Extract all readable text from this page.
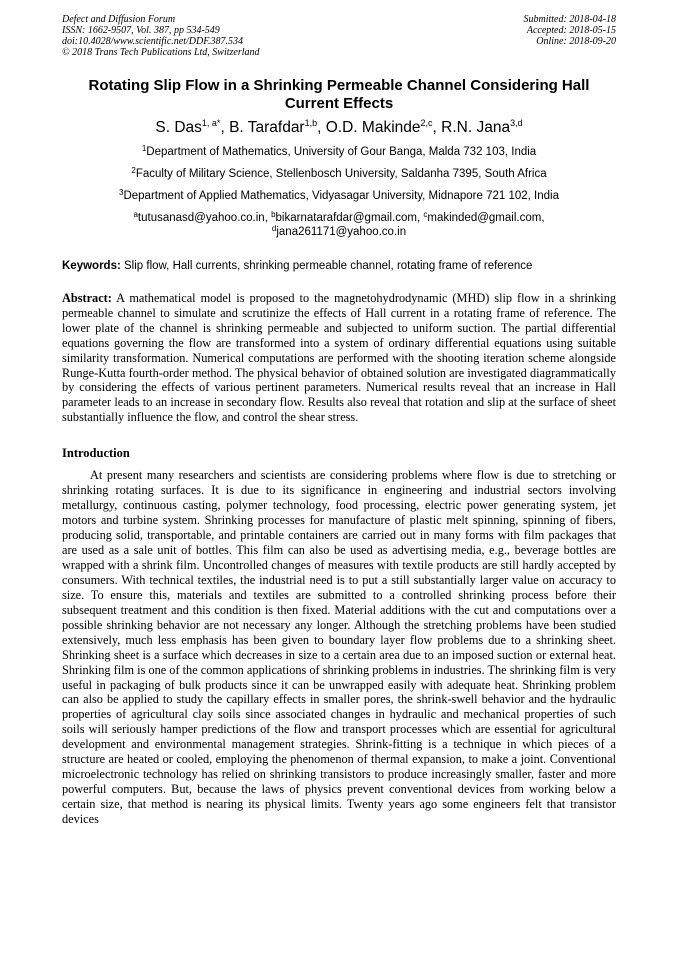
Defect and Diffusion Forum
ISSN: 1662-9507, Vol. 387, pp 534-549
doi:10.4028/www.scientific.net/DDF.387.534
© 2018 Trans Tech Publications Ltd, Switzerland
Submitted: 2018-04-18
Accepted: 2018-05-15
Online: 2018-09-20
Rotating Slip Flow in a Shrinking Permeable Channel Considering Hall Current Effects
S. Das$^{1, a*}$, B. Tarafdar$^{1,b}$, O.D. Makinde$^{2,c}$, R.N. Jana$^{3,d}$
$^1$Department of Mathematics, University of Gour Banga, Malda 732 103, India
$^2$Faculty of Military Science, Stellenbosch University, Saldanha 7395, South Africa
$^3$Department of Applied Mathematics, Vidyasagar University, Midnapore 721 102, India
$^a$tutusanasd@yahoo.co.in, $^b$bikarnatarafdar@gmail.com, $^c$makinded@gmail.com,
$^d$jana261171@yahoo.co.in
Keywords: Slip flow, Hall currents, shrinking permeable channel, rotating frame of reference
Abstract: A mathematical model is proposed to the magnetohydrodynamic (MHD) slip flow in a shrinking permeable channel to simulate and scrutinize the effects of Hall current in a rotating frame of reference. The lower plate of the channel is shrinking permeable and subjected to uniform suction. The partial differential equations governing the flow are transformed into a system of ordinary differential equations using suitable similarity transformation. Numerical computations are performed with the shooting iteration scheme alongside Runge-Kutta fourth-order method. The physical behavior of obtained solution are investigated diagrammatically by considering the effects of various pertinent parameters. Numerical results reveal that an increase in Hall parameter leads to an increase in secondary flow. Results also reveal that rotation and slip at the surface of sheet substantially influence the flow, and control the shear stress.
Introduction
At present many researchers and scientists are considering problems where flow is due to stretching or shrinking rotating surfaces. It is due to its significance in engineering and industrial sectors involving metallurgy, continuous casting, polymer technology, food processing, electric power generating system, jet motors and turbine system. Shrinking processes for manufacture of plastic melt spinning, spinning of fibers, producing solid, transportable, and printable containers are carried out in many forms with film packages that are used as a sale unit of bottles. This film can also be used as advertising media, e.g., beverage bottles are wrapped with a shrink film. Uncontrolled changes of measures with textile products are still hardly accepted by consumers. With technical textiles, the industrial need is to put a still substantially larger value on accuracy to size. To ensure this, materials and textiles are submitted to a controlled shrinking process before their subsequent treatment and this condition is then fixed. Material additions with the cut and computations over a possible shrinking behavior are not necessary any longer. Although the stretching problems have been studied extensively, much less emphasis has been given to boundary layer flow problems due to a shrinking sheet. Shrinking sheet is a surface which decreases in size to a certain area due to an imposed suction or external heat. Shrinking film is one of the common applications of shrinking problems in industries. The shrinking film is very useful in packaging of bulk products since it can be unwrapped easily with adequate heat. Shrinking problem can also be applied to study the capillary effects in smaller pores, the shrink-swell behavior and the hydraulic properties of agricultural clay soils since associated changes in hydraulic and mechanical properties of such soils will seriously hamper predictions of the flow and transport processes which are essential for agricultural development and environmental management strategies. Shrink-fitting is a technique in which pieces of a structure are heated or cooled, employing the phenomenon of thermal expansion, to make a joint. Conventional microelectronic technology has relied on shrinking transistors to produce increasingly smaller, faster and more powerful computers. But, because the laws of physics prevent conventional devices from working below a certain size, that method is nearing its physical limits. Twenty years ago some engineers felt that transistor devices
